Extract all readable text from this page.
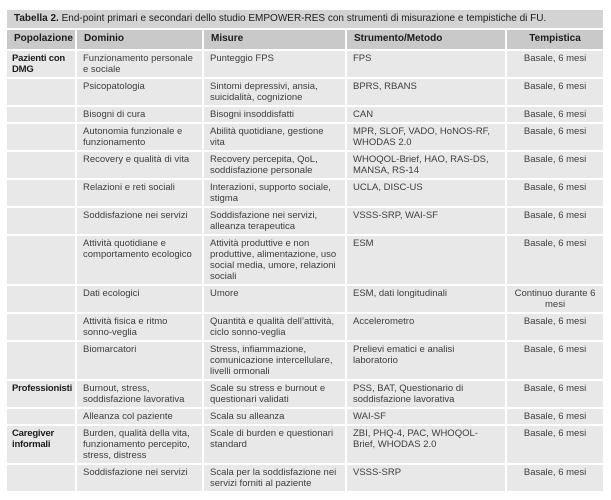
Tabella 2. End-point primari e secondari dello studio EMPOWER-RES con strumenti di misurazione e tempistiche di FU.				
Popolazione	Dominio	Misure	Strumento/Metodo	Tempistica
Pazienti con DMG	Funzionamento personale e sociale	Punteggio FPS	FPS	Basale, 6 mesi
	Psicopatologia	Sintomi depressivi, ansia, suicidalità, cognizione	BPRS, RBANS	Basale, 6 mesi
	Bisogni di cura	Bisogni insoddisfatti	CAN	Basale, 6 mesi
	Autonomia funzionale e funzionamento	Abilità quotidiane, gestione vita	MPR, SLOF, VADO, HoNOS-RF, WHODAS 2.0	Basale, 6 mesi
	Recovery e qualità di vita	Recovery percepita, QoL, soddisfazione personale	WHOQOL-Brief, HAO, RAS-DS, MANSA, RS-14	Basale, 6 mesi
	Relazioni e reti sociali	Interazioni, supporto sociale, stigma	UCLA, DISC-US	Basale, 6 mesi
	Soddisfazione nei servizi	Soddisfazione nei servizi, alleanza terapeutica	VSSS-SRP, WAI-SF	Basale, 6 mesi
	Attività quotidiane e comportamento ecologico	Attività produttive e non produttive, alimentazione, uso social media, umore, relazioni sociali	ESM	Basale, 6 mesi
	Dati ecologici	Umore	ESM, dati longitudinali	Continuo durante 6 mesi
	Attività fisica e ritmo sonno-veglia	Quantità e qualità dell’attività, ciclo sonno-veglia	Accelerometro	Basale, 6 mesi
	Biomarcatori	Stress, infiammazione, comunicazione intercellulare, livelli ormonali	Prelievi ematici e analisi laboratorio	Basale, 6 mesi
Professionisti	Burnout, stress, soddisfazione lavorativa	Scale su stress e burnout e questionari validati	PSS, BAT, Questionario di soddisfazione lavorativa	Basale, 6 mesi
	Alleanza col paziente	Scala su alleanza	WAI-SF	Basale, 6 mesi
Caregiver informali	Burden, qualità della vita, funzionamento percepito, stress, distress	Scale di burden e questionari standard	ZBI, PHQ-4, PAC, WHOQOL-Brief, WHODAS 2.0	Basale, 6 mesi
	Soddisfazione nei servizi	Scala per la soddisfazione nei servizi forniti al paziente	VSSS-SRP	Basale, 6 mesi
